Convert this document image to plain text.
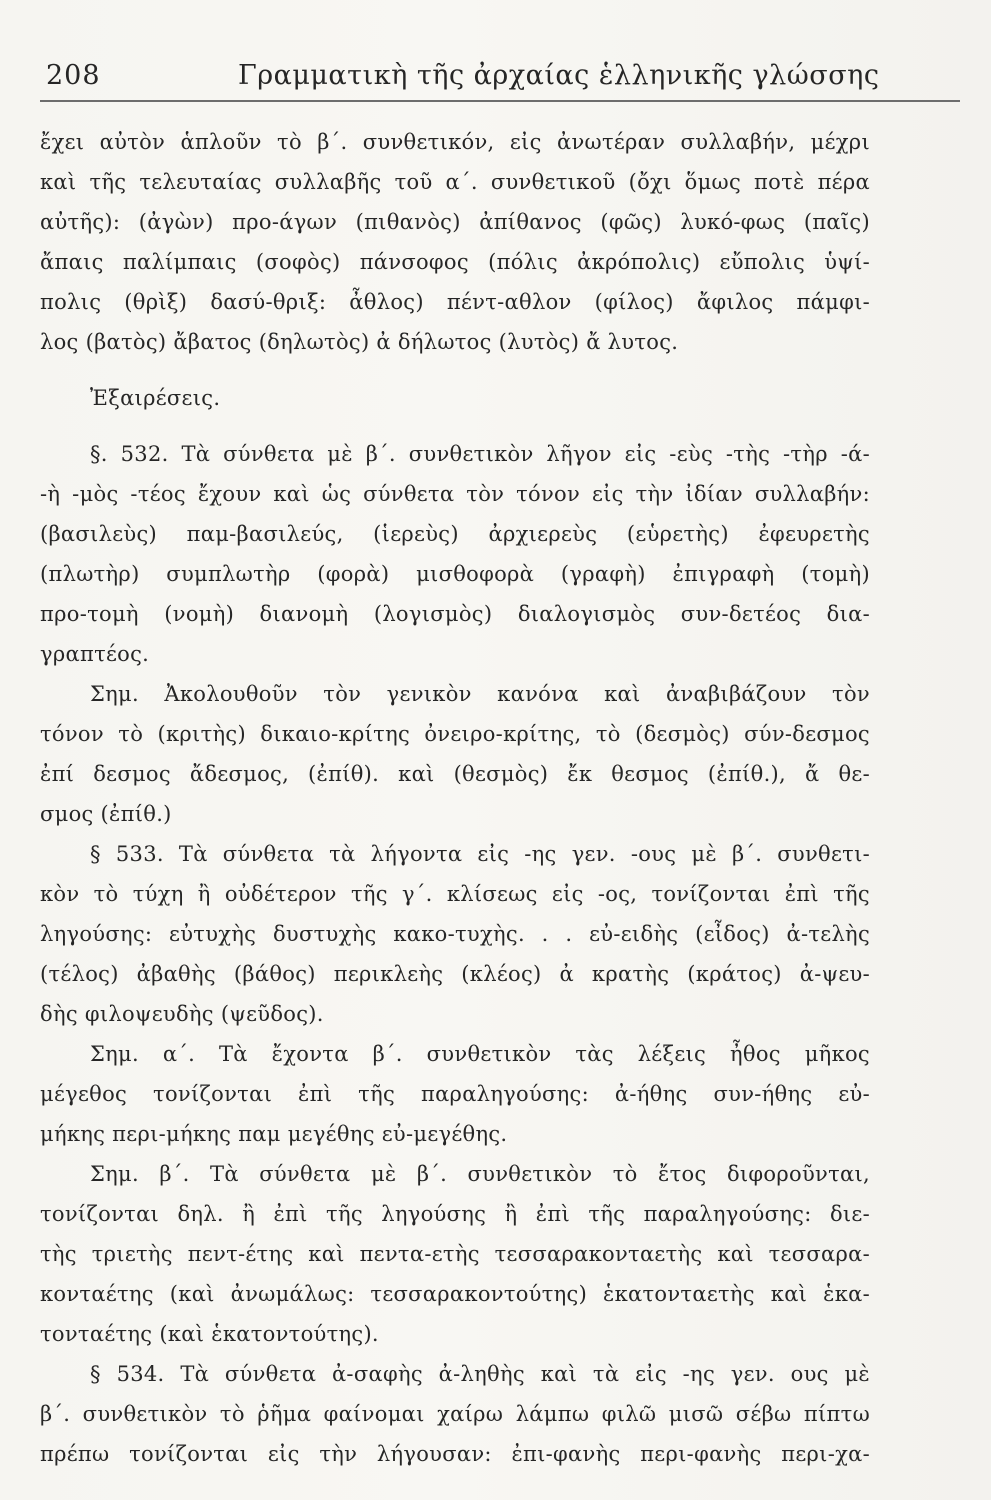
208	Γραμματικὴ τῆς ἀρχαίας ἑλληνικῆς γλώσσης
ἔχει αὐτὸν ἁπλοῦν τὸ β΄. συνθετικόν, εἰς ἀνωτέραν συλλαβήν, μέχρι
καὶ τῆς τελευταίας συλλαβῆς τοῦ α΄. συνθετικοῦ (ὄχι ὅμως ποτὲ πέρα
αὐτῆς): (ἀγὼν) προ-άγων (πιθανὸς) ἀπίθανος (φῶς) λυκό-φως (παῖς)
ἄπαις παλίμπαις (σοφὸς) πάνσοφος (πόλις ἀκρόπολις) εὔπολις ὑψί-
πολις (θρὶξ) δασύ-θριξ: ἆθλος) πέντ-αθλον (φίλος) ἄφιλος πάμφι-
λος (βατὸς) ἄβατος (δηλωτὸς) ἀ δήλωτος (λυτὸς) ἄ λυτος.
Ἐξαιρέσεις.
§. 532. Τὰ σύνθετα μὲ β΄. συνθετικὸν λῆγον εἰς -εὺς -τὴς -τὴρ -ά-
-ὴ -μὸς -τέος ἔχουν καὶ ὡς σύνθετα τὸν τόνον εἰς τὴν ἰδίαν συλλαβήν:
(βασιλεὺς) παμ-βασιλεύς, (ἱερεὺς) ἀρχιερεὺς (εὑρετὴς) ἐφευρετὴς
(πλωτὴρ) συμπλωτὴρ (φορὰ) μισθοφορὰ (γραφὴ) ἐπιγραφὴ (τομὴ)
προ-τομὴ (νομὴ) διανομὴ (λογισμὸς) διαλογισμὸς συν-δετέος δια-
γραπτέος.
Σημ. Ἀκολουθοῦν τὸν γενικὸν κανόνα καὶ ἀναβιβάζουν τὸν
τόνον τὸ (κριτὴς) δικαιο-κρίτης ὀνειρο-κρίτης, τὸ (δεσμὸς) σύν-δεσμος
ἐπί δεσμος ἄδεσμος, (ἐπίθ). καὶ (θεσμὸς) ἔκ θεσμος (ἐπίθ.), ἄ θε-
σμος (ἐπίθ.)
§ 533. Τὰ σύνθετα τὰ λήγοντα εἰς -ης γεν. -ους μὲ β΄. συνθετι-
κὸν τὸ τύχη ἢ οὐδέτερον τῆς γ΄. κλίσεως εἰς -ος, τονίζονται ἐπὶ τῆς
ληγούσης: εὐτυχὴς δυστυχὴς κακο-τυχὴς. . . εὐ-ειδὴς (εἶδος) ἀ-τελὴς
(τέλος) ἀβαθὴς (βάθος) περικλεὴς (κλέος) ἀ κρατὴς (κράτος) ἀ-ψευ-
δὴς φιλοψευδὴς (ψεῦδος).
Σημ. α΄. Τὰ ἔχοντα β΄. συνθετικὸν τὰς λέξεις ἦθος μῆκος
μέγεθος τονίζονται ἐπὶ τῆς παραληγούσης: ἀ-ήθης συν-ήθης εὐ-
μήκης περι-μήκης παμ μεγέθης εὐ-μεγέθης.
Σημ. β΄. Τὰ σύνθετα μὲ β΄. συνθετικὸν τὸ ἔτος διφοροῦνται,
τονίζονται δηλ. ἢ ἐπὶ τῆς ληγούσης ἢ ἐπὶ τῆς παραληγούσης: διε-
τὴς τριετὴς πεντ-έτης καὶ πεντα-ετὴς τεσσαρακονταετὴς καὶ τεσσαρα-
κονταέτης (καὶ ἀνωμάλως: τεσσαρακοντούτης) ἑκατονταετὴς καὶ ἑκα-
τονταέτης (καὶ ἑκατοντούτης).
§ 534. Τὰ σύνθετα ἀ-σαφὴς ἀ-ληθὴς καὶ τὰ εἰς -ης γεν. ους μὲ
β΄. συνθετικὸν τὸ ῥῆμα φαίνομαι χαίρω λάμπω φιλῶ μισῶ σέβω πίπτω
πρέπω τονίζονται εἰς τὴν λήγουσαν: ἐπι-φανὴς περι-φανὴς περι-χα-
